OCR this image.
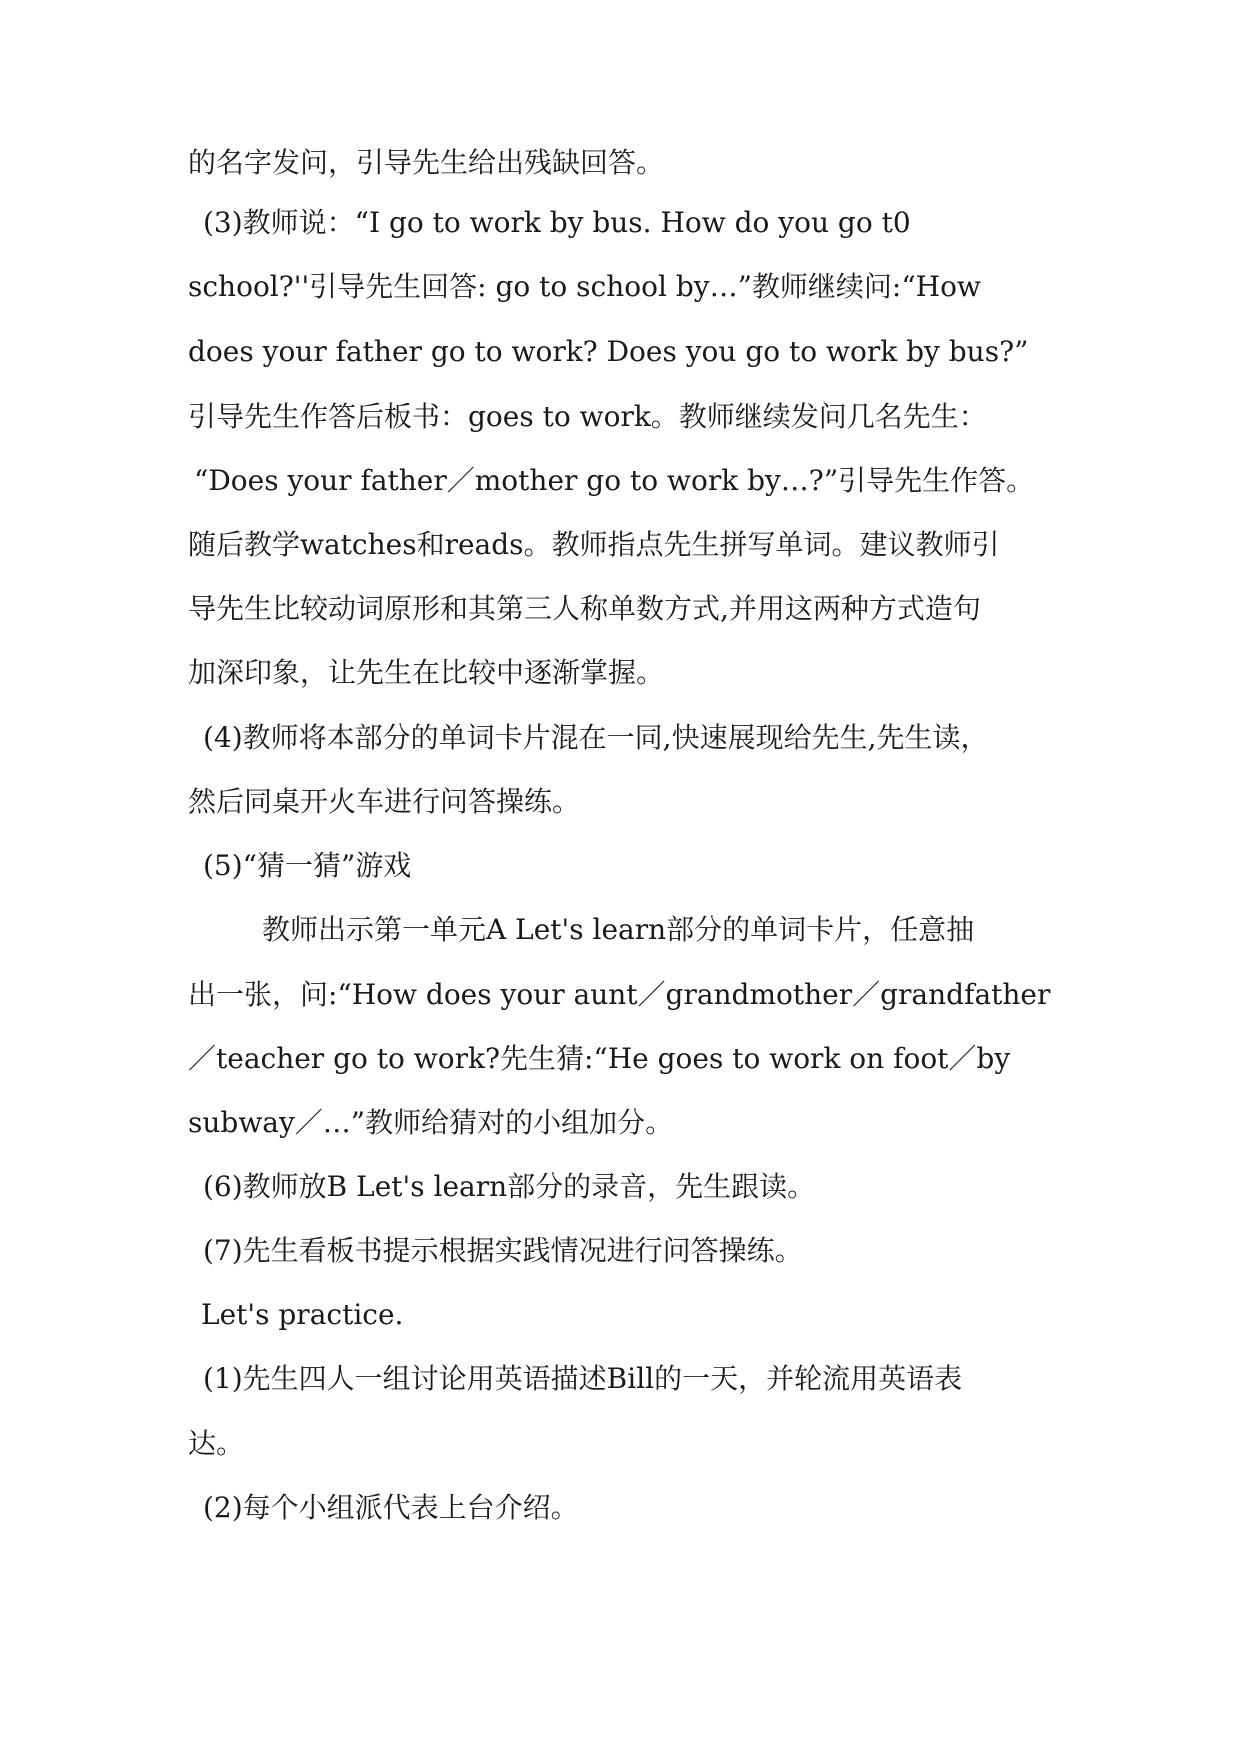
的名字发问，引导先生给出残缺回答。
(3)教师说：“I go to work by bus. How do you go t0
school?''引导先生回答: go to school by…”教师继续问:“How
does your father go to work? Does you go to work by bus?”
引导先生作答后板书：goes to work。教师继续发问几名先生：
“Does your father／mother go to work by…?”引导先生作答。
随后教学watches和reads。教师指点先生拼写单词。建议教师引
导先生比较动词原形和其第三人称单数方式,并用这两种方式造句
加深印象，让先生在比较中逐渐掌握。
(4)教师将本部分的单词卡片混在一同,快速展现给先生,先生读，
然后同桌开火车进行问答操练。
(5)“猜一猜”游戏
教师出示第一单元A Let's learn部分的单词卡片，任意抽
出一张，问:“How does your aunt／grandmother／grandfather
／teacher go to work?先生猜:“He goes to work on foot／by
subway／…”教师给猜对的小组加分。
(6)教师放B Let's learn部分的录音，先生跟读。
(7)先生看板书提示根据实践情况进行问答操练。
Let's practice.
(1)先生四人一组讨论用英语描述Bill的一天，并轮流用英语表
达。
(2)每个小组派代表上台介绍。
